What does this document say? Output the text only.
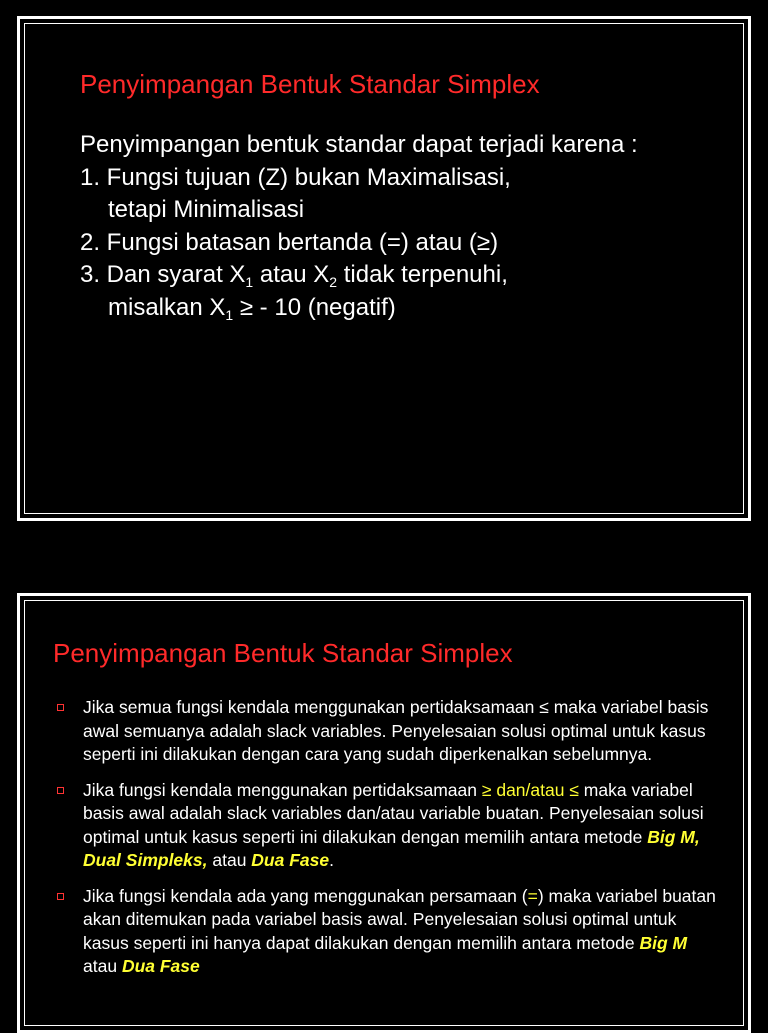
Penyimpangan Bentuk Standar Simplex
Penyimpangan bentuk standar dapat terjadi karena :
1. Fungsi tujuan (Z) bukan Maximalisasi,
tetapi Minimalisasi
2. Fungsi batasan bertanda (=) atau (≥)
3. Dan syarat $X_1$ atau $X_2$ tidak terpenuhi,
misalkan $X_1$ ≥ - 10 (negatif)
Penyimpangan Bentuk Standar Simplex
Jika semua fungsi kendala menggunakan pertidaksamaan ≤ maka variabel basis awal semuanya adalah slack variables. Penyelesaian solusi optimal untuk kasus seperti ini dilakukan dengan cara yang sudah diperkenalkan sebelumnya.
Jika fungsi kendala menggunakan pertidaksamaan ≥ dan/atau ≤ maka variabel basis awal adalah slack variables dan/atau variable buatan. Penyelesaian solusi optimal untuk kasus seperti ini dilakukan dengan memilih antara metode Big M, Dual Simpleks, atau Dua Fase.
Jika fungsi kendala ada yang menggunakan persamaan (=) maka variabel buatan akan ditemukan pada variabel basis awal. Penyelesaian solusi optimal untuk kasus seperti ini hanya dapat dilakukan dengan memilih antara metode Big M atau Dua Fase
